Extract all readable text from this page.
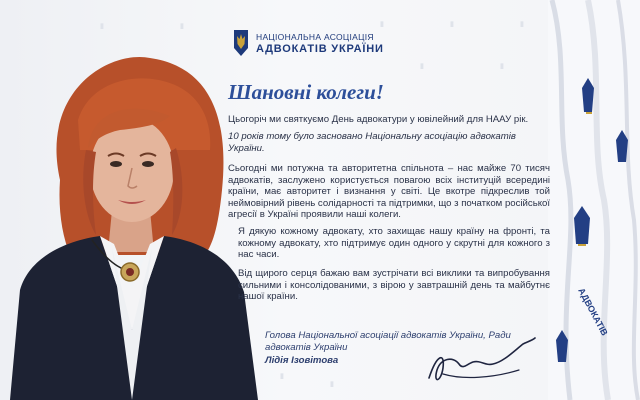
▮	▮	▮	▮	▮
▮	▮
▮
▮
АДВОКАТІВ
НАЦІОНАЛЬНА АСОЦІАЦІЯ
АДВОКАТІВ УКРАЇНИ
Шановні колеги!

Цьогоріч ми святкуємо День адвокатури у ювілейний для НААУ рік.

10 років тому було засновано Національну асоціацію адвокатів України.

Сьогодні ми потужна та авторитетна спільнота – нас майже 70 тисяч адвокатів, заслужено користується повагою всіх інституцій всередині країни, має авторитет і визнання у світі. Це вкотре підкреслив той неймовірний рівень солідарності та підтримки, що з початком російської агресії в Україні проявили наші колеги.

Я дякую кожному адвокату, хто захищає нашу країну на фронті, та кожному адвокату, хто підтримує один одного у скрутні для кожного з нас часи.

Від щирого серця бажаю вам зустрічати всі виклики та випробування сильними і консолідованими, з вірою у завтрашній день та майбутнє нашої країни.

Голова Національної асоціації адвокатів України, Ради адвокатів України

Лідія Ізовітова
